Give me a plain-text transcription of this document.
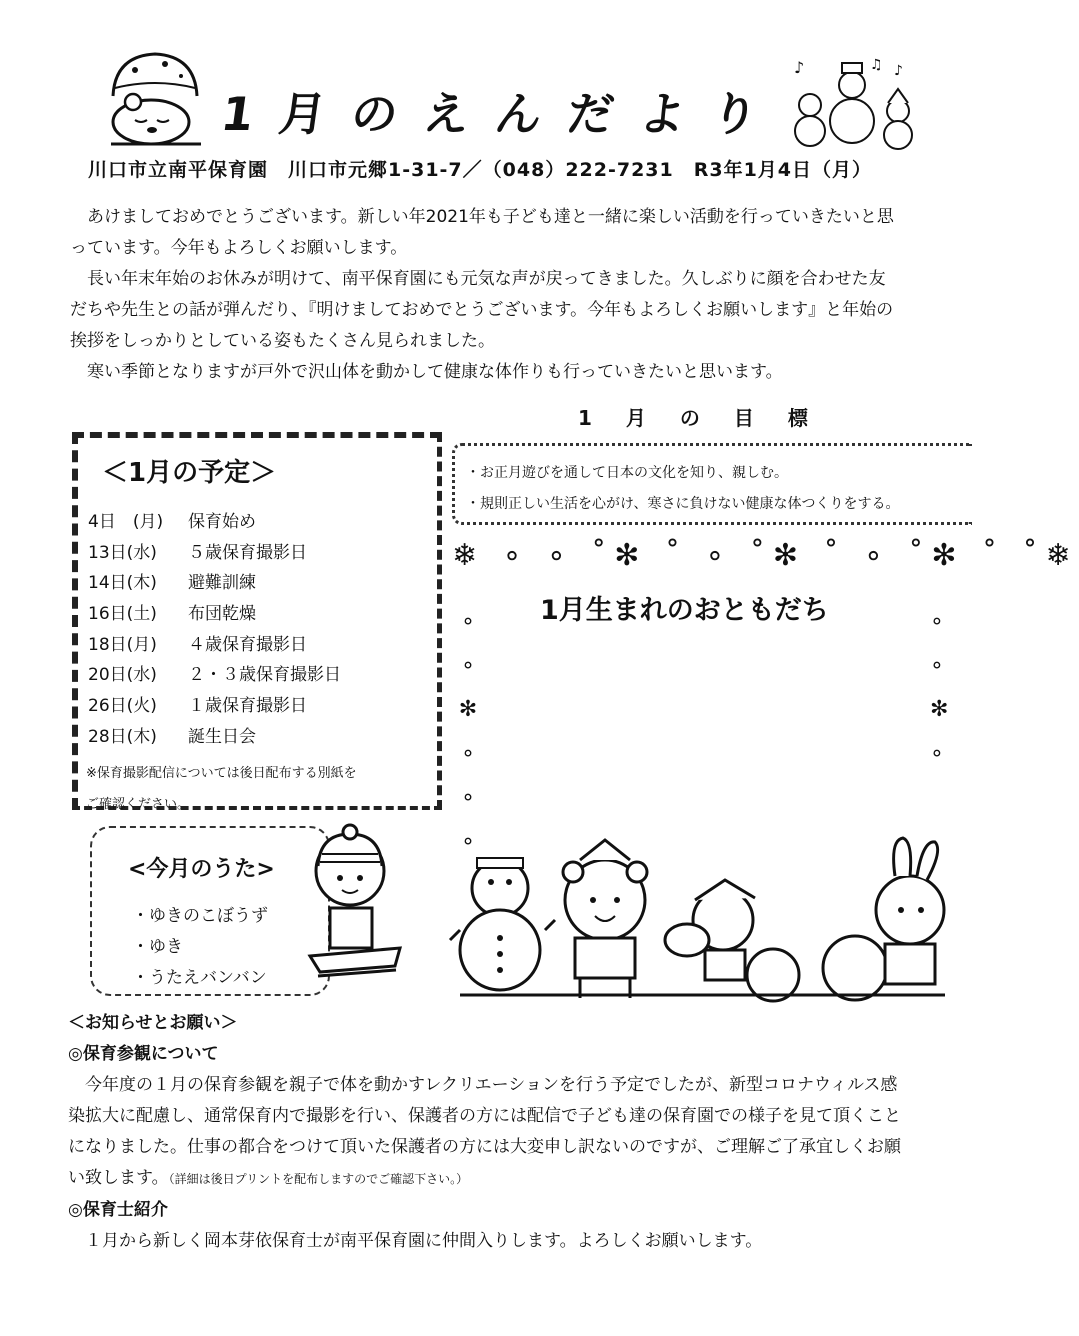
1月のえんだより
♪	♫ ♪
川口市立南平保育園　川口市元郷1-31-7／（048）222-7231　R3年1月4日（月）

あけましておめでとうございます。新しい年2021年も子ども達と一緒に楽しい活動を行っていきたいと思っています。今年もよろしくお願いします。

長い年末年始のお休みが明けて、南平保育園にも元気な声が戻ってきました。久しぶりに顔を合わせた友だちや先生との話が弾んだり、『明けましておめでとうございます。今年もよろしくお願いします』と年始の挨拶をしっかりとしている姿もたくさん見られました。

寒い季節となりますが戸外で沢山体を動かして健康な体作りも行っていきたいと思います。

＜1月の予定＞
4日　(月)	保育始め
13日(水)	５歳保育撮影日
14日(木)	避難訓練
16日(土)	布団乾燥
18日(月)	４歳保育撮影日
20日(水)	２・３歳保育撮影日
26日(火)	１歳保育撮影日
28日(木)	誕生日会
※保育撮影配信については後日配布する別紙を
ご確認ください。
1月の目標
・お正月遊びを通して日本の文化を知り、親しむ。
・規則正しい生活を心がけ、寒さに負けない健康な体つくりをする。
❄ ∘ ∘ ˚✻ ˚ ∘ ˚✻ ˚ ∘ ˚✻ ˚ ˚❄
∘
∘
✻
∘
∘
∘
∘
∘
✻
∘
1月生まれのおともだち
<今月のうた>
・ゆきのこぼうず
・ゆき
・うたえバンバン
＜お知らせとお願い＞
◎保育参観について
今年度の１月の保育参観を親子で体を動かすレクリエーションを行う予定でしたが、新型コロナウィルス感染拡大に配慮し、通常保育内で撮影を行い、保護者の方には配信で子ども達の保育園での様子を見て頂くことになりました。仕事の都合をつけて頂いた保護者の方には大変申し訳ないのですが、ご理解ご了承宜しくお願い致します。（詳細は後日プリントを配布しますのでご確認下さい。）
◎保育士紹介
１月から新しく岡本芽依保育士が南平保育園に仲間入りします。よろしくお願いします。
